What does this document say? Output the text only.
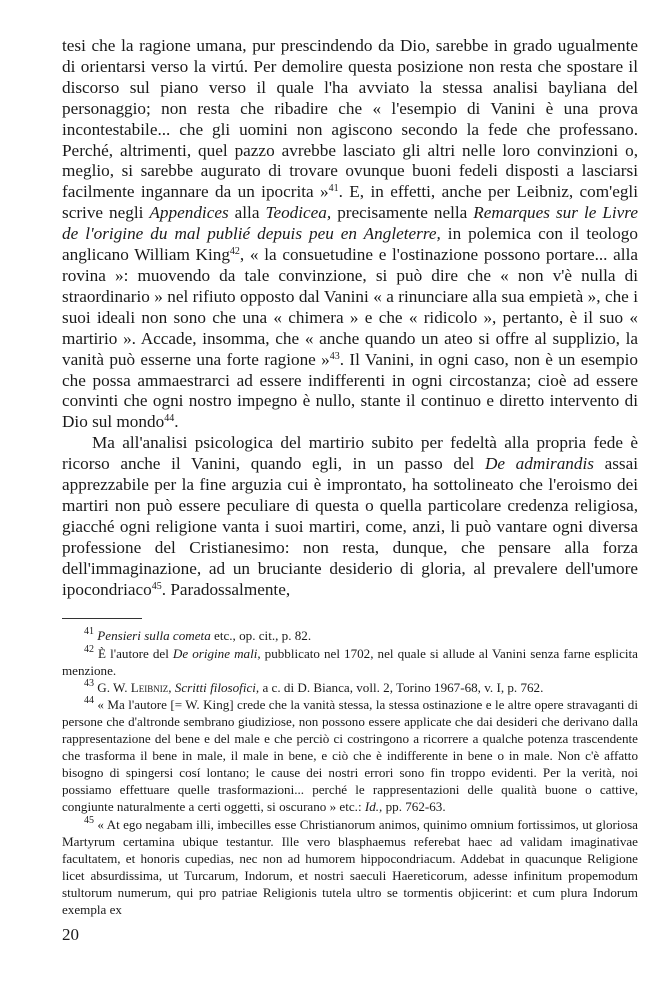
tesi che la ragione umana, pur prescindendo da Dio, sarebbe in grado ugualmente di orientarsi verso la virtú. Per demolire questa posizione non resta che spostare il discorso sul piano verso il quale l'ha avviato la stessa analisi bayliana del personaggio; non resta che ribadire che « l'esempio di Vanini è una prova incontestabile... che gli uomini non agiscono secondo la fede che professano. Perché, altrimenti, quel pazzo avrebbe lasciato gli altri nelle loro convinzioni o, meglio, si sarebbe augurato di trovare ovunque buoni fedeli disposti a lasciarsi facilmente ingannare da un ipocrita »$^{41}$. E, in effetti, anche per Leibniz, com'egli scrive negli Appendices alla Teodicea, precisamente nella Remarques sur le Livre de l'origine du mal publié depuis peu en Angleterre, in polemica con il teologo anglicano William King$^{42}$, « la consuetudine e l'ostinazione possono portare... alla rovina »: muovendo da tale convinzione, si può dire che « non v'è nulla di straordinario » nel rifiuto opposto dal Vanini « a rinunciare alla sua empietà », che i suoi ideali non sono che una « chimera » e che « ridicolo », pertanto, è il suo « martirio ». Accade, insomma, che « anche quando un ateo si offre al supplizio, la vanità può esserne una forte ragione »$^{43}$. Il Vanini, in ogni caso, non è un esempio che possa ammaestrarci ad essere indifferenti in ogni circostanza; cioè ad essere convinti che ogni nostro impegno è nullo, stante il continuo e diretto intervento di Dio sul mondo$^{44}$.

Ma all'analisi psicologica del martirio subito per fedeltà alla propria fede è ricorso anche il Vanini, quando egli, in un passo del De admirandis assai apprezzabile per la fine arguzia cui è improntato, ha sottolineato che l'eroismo dei martiri non può essere peculiare di questa o quella particolare credenza religiosa, giacché ogni religione vanta i suoi martiri, come, anzi, li può vantare ogni diversa professione del Cristianesimo: non resta, dunque, che pensare alla forza dell'immaginazione, ad un bruciante desiderio di gloria, al prevalere dell'umore ipocondriaco$^{45}$. Paradossalmente,

$^{41}$ Pensieri sulla cometa etc., op. cit., p. 82.

$^{42}$ È l'autore del De origine mali, pubblicato nel 1702, nel quale si allude al Vanini senza farne esplicita menzione.

$^{43}$ G. W. Leibniz, Scritti filosofici, a c. di D. Bianca, voll. 2, Torino 1967-68, v. I, p. 762.

$^{44}$ « Ma l'autore [= W. King] crede che la vanità stessa, la stessa ostinazione e le altre opere stravaganti di persone che d'altronde sembrano giudiziose, non possono essere applicate che dai desideri che derivano dalla rappresentazione del bene e del male e che perciò ci costringono a ricorrere a qualche potenza trascendente che trasforma il bene in male, il male in bene, e ciò che è indifferente in bene o in male. Non c'è affatto bisogno di spingersi cosí lontano; le cause dei nostri errori sono fin troppo evidenti. Per la verità, noi possiamo effettuare quelle trasformazioni... perché le rappresentazioni delle qualità buone o cattive, congiunte naturalmente a certi oggetti, si oscurano » etc.: Id., pp. 762-63.

$^{45}$ « At ego negabam illi, imbecilles esse Christianorum animos, quinimo omnium fortissimos, ut gloriosa Martyrum certamina ubique testantur. Ille vero blasphaemus referebat haec ad validam imaginativae facultatem, et honoris cupedias, nec non ad humorem hippocondriacum. Addebat in quacunque Religione licet absurdissima, ut Turcarum, Indorum, et nostri saeculi Haereticorum, adesse infinitum propemodum stultorum numerum, qui pro patriae Religionis tutela ultro se tormentis objicerint: et cum plura Indorum exempla ex

20
